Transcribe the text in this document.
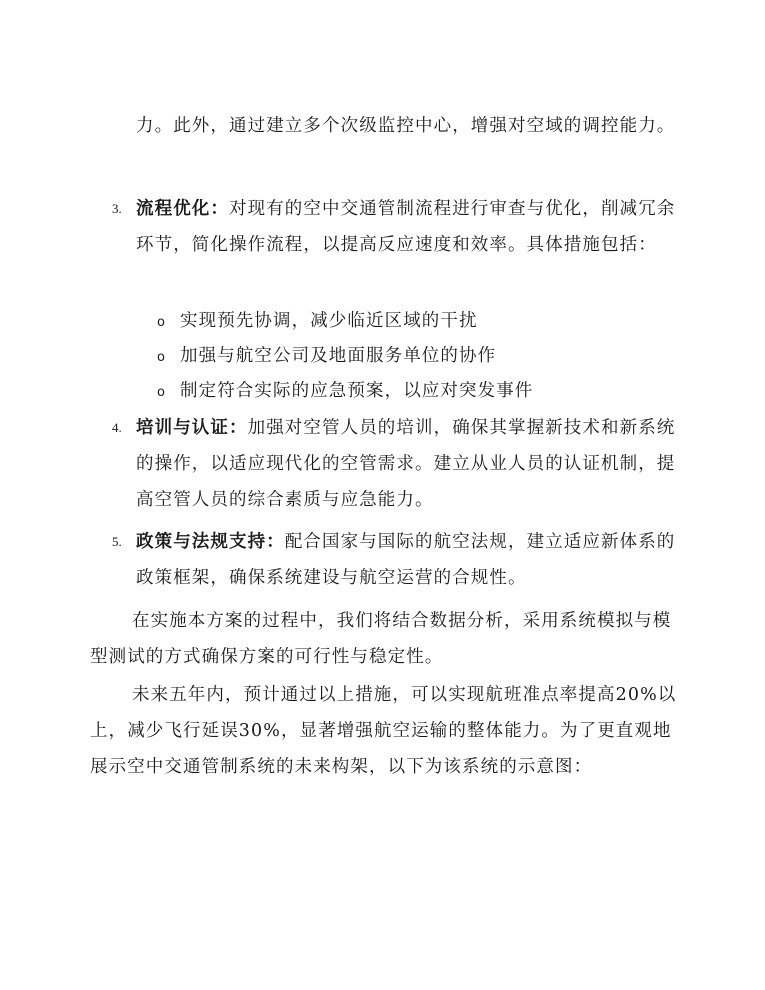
力。此外，通过建立多个次级监控中心，增强对空域的调控能力。

3. 流程优化：对现有的空中交通管制流程进行审查与优化，削减冗余环节，简化操作流程，以提高反应速度和效率。具体措施包括：
o 实现预先协调，减少临近区域的干扰
o 加强与航空公司及地面服务单位的协作
o 制定符合实际的应急预案，以应对突发事件
4. 培训与认证：加强对空管人员的培训，确保其掌握新技术和新系统的操作，以适应现代化的空管需求。建立从业人员的认证机制，提高空管人员的综合素质与应急能力。
5. 政策与法规支持：配合国家与国际的航空法规，建立适应新体系的政策框架，确保系统建设与航空运营的合规性。

在实施本方案的过程中，我们将结合数据分析，采用系统模拟与模型测试的方式确保方案的可行性与稳定性。

未来五年内，预计通过以上措施，可以实现航班准点率提高20%以上，减少飞行延误30%，显著增强航空运输的整体能力。为了更直观地展示空中交通管制系统的未来构架，以下为该系统的示意图：
